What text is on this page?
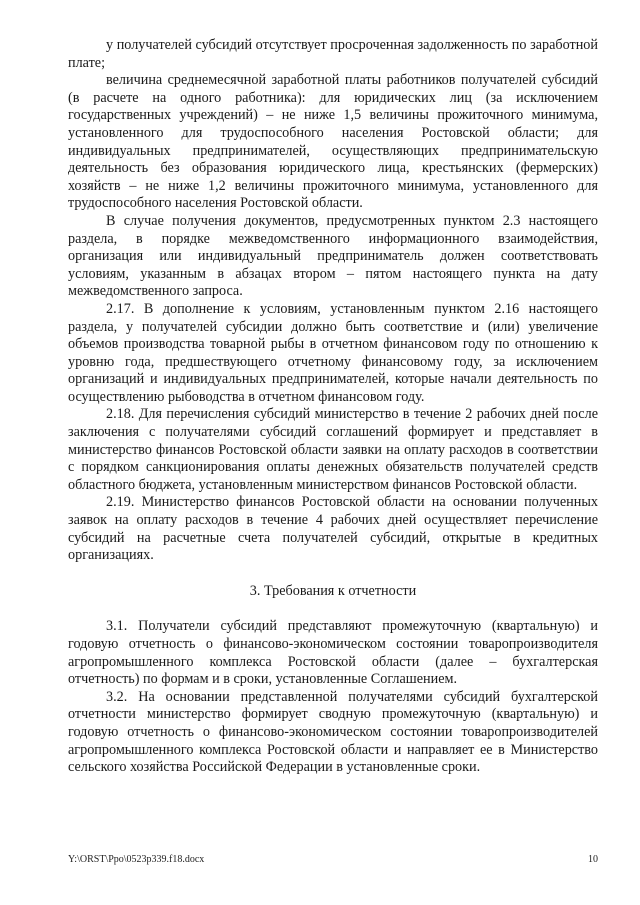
у получателей субсидий отсутствует просроченная задолженность по заработной плате;

величина среднемесячной заработной платы работников получателей субсидий (в расчете на одного работника): для юридических лиц (за исключением государственных учреждений) – не ниже 1,5 величины прожиточного минимума, установленного для трудоспособного населения Ростовской области; для индивидуальных предпринимателей, осуществляющих предпринимательскую деятельность без образования юридического лица, крестьянских (фермерских) хозяйств – не ниже 1,2 величины прожиточного минимума, установленного для трудоспособного населения Ростовской области.

В случае получения документов, предусмотренных пунктом 2.3 настоящего раздела, в порядке межведомственного информационного взаимодействия, организация или индивидуальный предприниматель должен соответствовать условиям, указанным в абзацах втором – пятом настоящего пункта на дату межведомственного запроса.

2.17. В дополнение к условиям, установленным пунктом 2.16 настоящего раздела, у получателей субсидии должно быть соответствие и (или) увеличение объемов производства товарной рыбы в отчетном финансовом году по отношению к уровню года, предшествующего отчетному финансовому году, за исключением организаций и индивидуальных предпринимателей, которые начали деятельность по осуществлению рыбоводства в отчетном финансовом году.

2.18. Для перечисления субсидий министерство в течение 2 рабочих дней после заключения с получателями субсидий соглашений формирует и представляет в министерство финансов Ростовской области заявки на оплату расходов в соответствии с порядком санкционирования оплаты денежных обязательств получателей средств областного бюджета, установленным министерством финансов Ростовской области.

2.19. Министерство финансов Ростовской области на основании полученных заявок на оплату расходов в течение 4 рабочих дней осуществляет перечисление субсидий на расчетные счета получателей субсидий, открытые в кредитных организациях.

3. Требования к отчетности

3.1. Получатели субсидий представляют промежуточную (квартальную) и годовую отчетность о финансово-экономическом состоянии товаропроизводителя агропромышленного комплекса Ростовской области (далее – бухгалтерская отчетность) по формам и в сроки, установленные Соглашением.

3.2. На основании представленной получателями субсидий бухгалтерской отчетности министерство формирует сводную промежуточную (квартальную) и годовую отчетность о финансово-экономическом состоянии товаропроизводителей агропромышленного комплекса Ростовской области и направляет ее в Министерство сельского хозяйства Российской Федерации в установленные сроки.

Y:\ORST\Ppo\0523p339.f18.docx	10
